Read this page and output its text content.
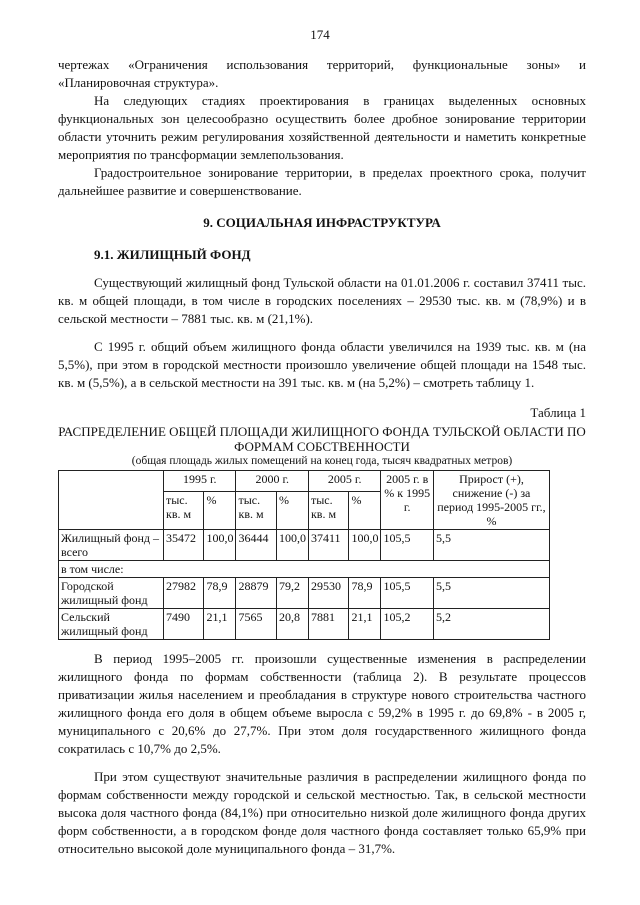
174

чертежах «Ограничения использования территорий, функциональные зоны» и «Планировочная структура».

На следующих стадиях проектирования в границах выделенных основных функциональных зон целесообразно осуществить более дробное зонирование территории области уточнить режим регулирования хозяйственной деятельности и наметить конкретные мероприятия по трансформации землепользования.

Градостроительное зонирование территории, в пределах проектного срока, получит дальнейшее развитие и совершенствование.

9. СОЦИАЛЬНАЯ ИНФРАСТРУКТУРА
9.1. ЖИЛИЩНЫЙ ФОНД

Существующий жилищный фонд Тульской области на 01.01.2006 г. составил 37411 тыс. кв. м общей площади, в том числе в городских поселениях – 29530 тыс. кв. м (78,9%) и в сельской местности – 7881 тыс. кв. м (21,1%).

С 1995 г. общий объем жилищного фонда области увеличился на 1939 тыс. кв. м (на 5,5%), при этом в городской местности произошло увеличение общей площади на 1548 тыс. кв. м (5,5%), а в сельской местности на 391 тыс. кв. м (на 5,2%) – смотреть таблицу 1.

Таблица 1
РАСПРЕДЕЛЕНИЕ ОБЩЕЙ ПЛОЩАДИ ЖИЛИЩНОГО ФОНДА ТУЛЬСКОЙ ОБЛАСТИ ПО ФОРМАМ СОБСТВЕННОСТИ
(общая площадь жилых помещений на конец года, тысяч квадратных метров)
	1995 г.		2000 г.		2005 г.		2005 г. в % к 1995 г.	Прирост (+), снижение (-) за период 1995-2005 гг., %
	тыс. кв. м	%	тыс. кв. м	%	тыс. кв. м	%		
Жилищный фонд – всего	35472	100,0	36444	100,0	37411	100,0	105,5	5,5
в том числе:								
Городской жилищный фонд	27982	78,9	28879	79,2	29530	78,9	105,5	5,5
Сельский жилищный фонд	7490	21,1	7565	20,8	7881	21,1	105,2	5,2

В период 1995–2005 гг. произошли существенные изменения в распределении жилищного фонда по формам собственности (таблица 2). В результате процессов приватизации жилья населением и преобладания в структуре нового строительства частного жилищного фонда его доля в общем объеме выросла с 59,2% в 1995 г. до 69,8% - в 2005 г, муниципального с 20,6% до 27,7%. При этом доля государственного жилищного фонда сократилась с 10,7% до 2,5%.

При этом существуют значительные различия в распределении жилищного фонда по формам собственности между городской и сельской местностью. Так, в сельской местности высока доля частного фонда (84,1%) при относительно низкой доле жилищного фонда других форм собственности, а в городском фонде доля частного фонда составляет только 65,9% при относительно высокой доле муниципального фонда – 31,7%.
